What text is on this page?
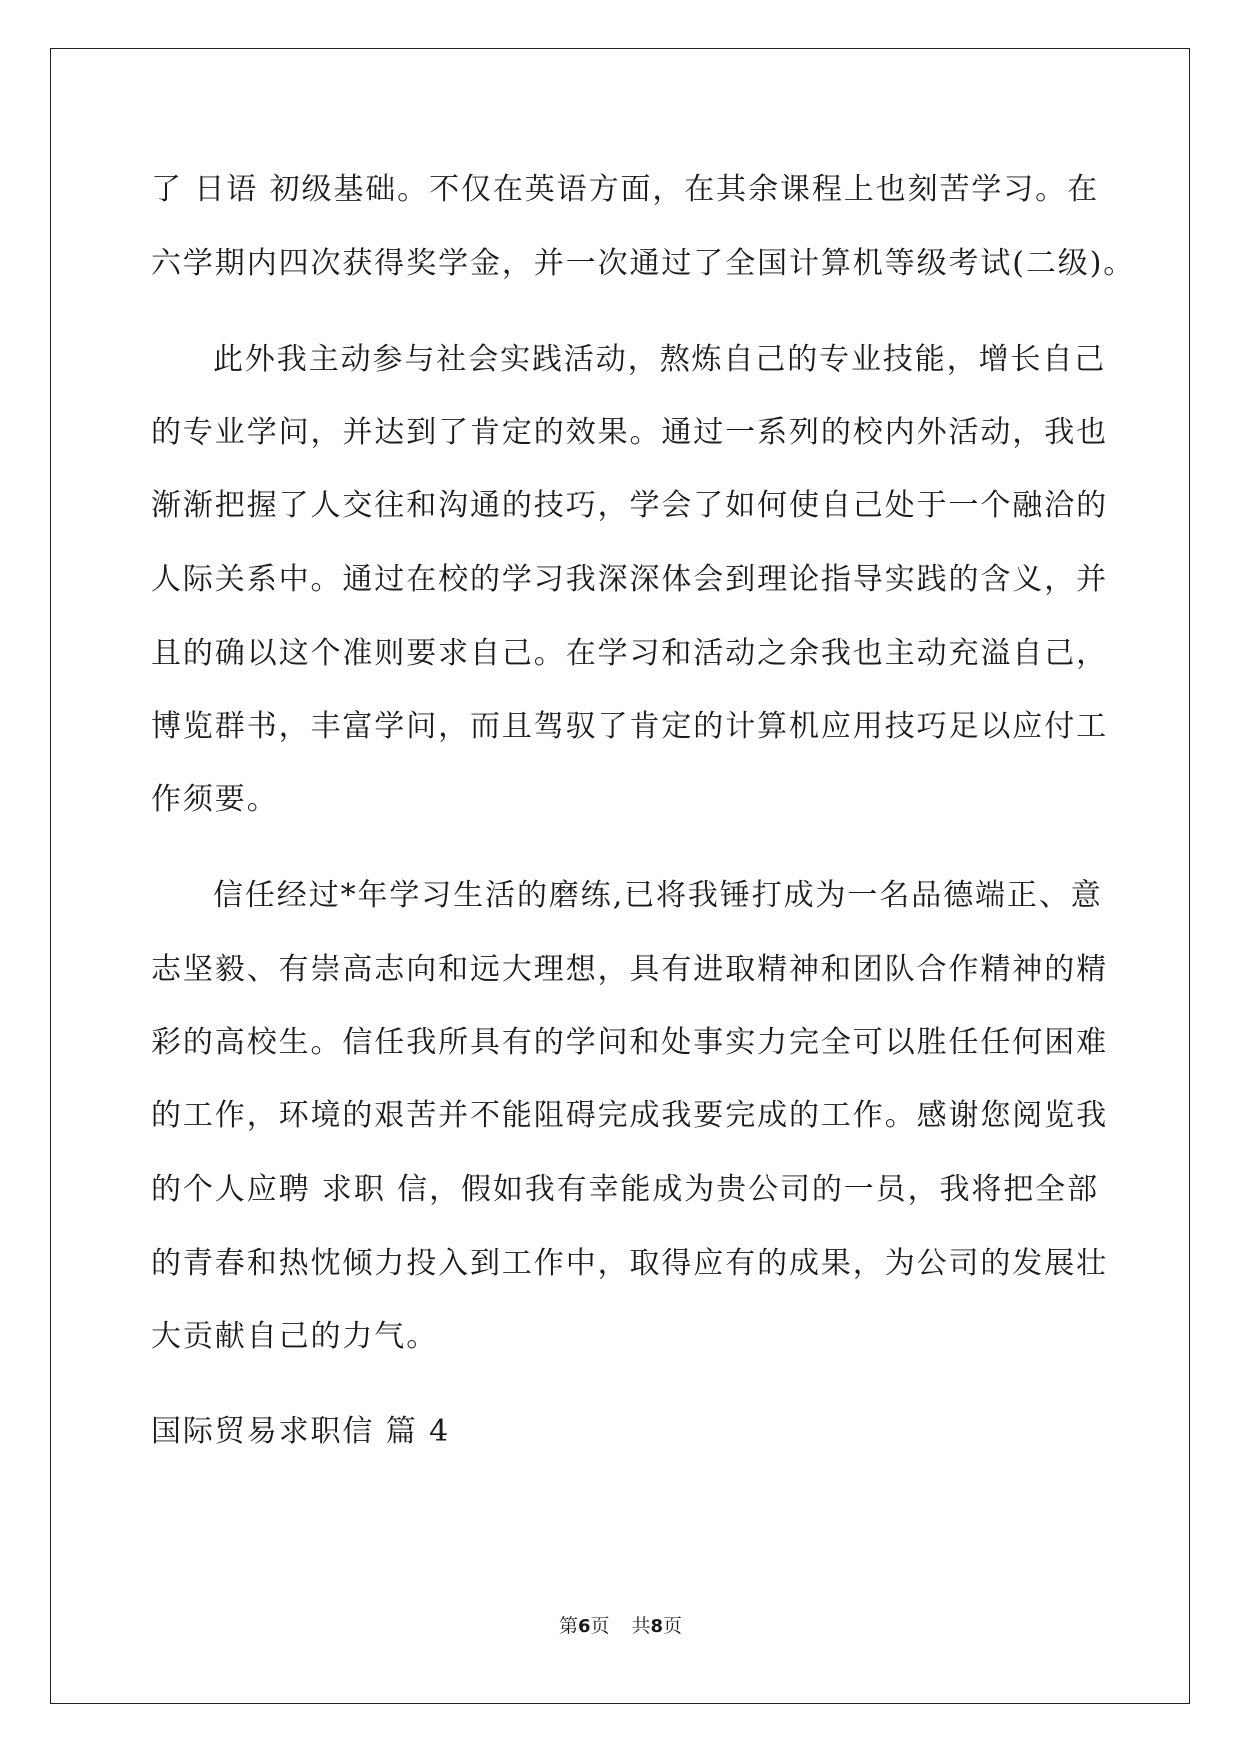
了 日语 初级基础。不仅在英语方面，在其余课程上也刻苦学习。在
六学期内四次获得奖学金，并一次通过了全国计算机等级考试(二级)。
此外我主动参与社会实践活动，熬炼自己的专业技能，增长自己
的专业学问，并达到了肯定的效果。通过一系列的校内外活动，我也
渐渐把握了人交往和沟通的技巧，学会了如何使自己处于一个融洽的
人际关系中。通过在校的学习我深深体会到理论指导实践的含义，并
且的确以这个准则要求自己。在学习和活动之余我也主动充溢自己，
博览群书，丰富学问，而且驾驭了肯定的计算机应用技巧足以应付工
作须要。
信任经过*年学习生活的磨练,已将我锤打成为一名品德端正、意
志坚毅、有崇高志向和远大理想，具有进取精神和团队合作精神的精
彩的高校生。信任我所具有的学问和处事实力完全可以胜任任何困难
的工作，环境的艰苦并不能阻碍完成我要完成的工作。感谢您阅览我
的个人应聘 求职 信，假如我有幸能成为贵公司的一员，我将把全部
的青春和热忱倾力投入到工作中，取得应有的成果，为公司的发展壮
大贡献自己的力气。
国际贸易求职信 篇 4
第6页 共8页
